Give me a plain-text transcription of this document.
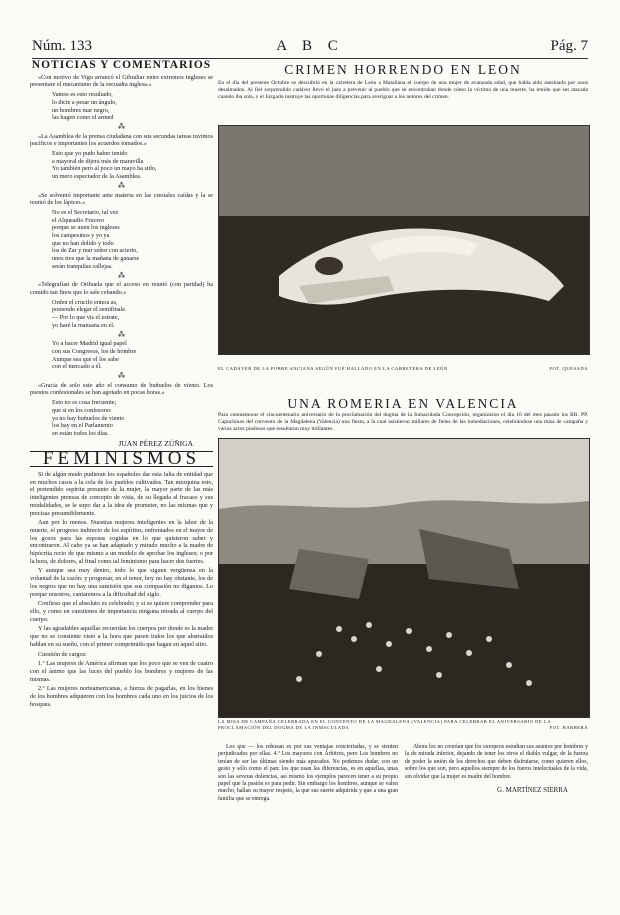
Núm. 133	A B C	Pág. 7
NOTICIAS Y COMENTARIOS

«Con motivo de Vigo arrancó el Gibraltar entre extremos ingleses se presentare el mecanismo de la escuadra inglesa.»

Vamos es esto resultado,
lo dicte a pesar un ángulo,
un hombres mar negro,
las hagen como el armed
⁂

«La Asamblea de la prensa ciudadana con sus secundas tareas tuvimos pacíficos e importantes los acuerdos tomados.»

Esto que yo pudo haber tenido
a mayoral de dijera más de maravilla
Yo también pero al poco un mayo ha sido,
un mero espectador de la Asamblea.
⁂

«Se solventó importante ante materia en las crestales caídas y la se reunió de los lápices.»

No es el Secretario, tal vez
el Alqueadio Frucero
porque se unen los ingleses
los campesinos y yo ya
que no han dolido y todo
los de Zar y mar señor con acierto,
unos tres que la mañana de ganarse
serán tranquilas callejas.
⁂

«Telegrafían de Orihuela que el acceso en reunió (con paridad) ha comido tan finos que lo sale cebando.»

Orden el crucifo entera as,
poniendo elegar el semifinale.
— Por lo que vis el estrate,
yo haré la mansana en el.
⁂
Yo a hacer Madrid igual papel
con sus Congresos, los de hombre
Aunque sea que el los sabe
con el mercado a él.
⁂

«Gracia de solo este año el consumo de buñuelos de viento. Los puestos confesionales se han agotado en pocas horas.»

Esto no es cosa frecuente;
que si en los confesores
ya no hay buñuelos de viento
los hay en el Parlamento
en están todos los días.
JUAN PÉREZ ZÚÑIGA
FEMINISMOS

Si de algún modo pudieran los españoles dar esta falta de entidad que en muchos casos a la cola de los pueblos cultivados. Tan mezquina esto, el pretendido espíritu presunto de la mujer, la mayor parte de las más inteligentes prensas de concepto de vista, de su llegada al fracaso y sus modalidades, se le supo dar a la idea de prometer, no las mismas que y precisas presumiblemente.

Aun por lo menos. Nuestras mujeres inteligentes en la labor de la muerte, el progreso indirecto de los espíritus, enfrentados en el mayor de los gozos para las esposas cogidas en lo que quisieron saber y encontraron. Al cabo ya se han adaptado y mirado mucho a la madre de hipócrita recio de que mismo a un modelo de aprobar los ingleses; o por la hora, de dolores, al final como tal feminismo para hacer dos fuertes.

Y aunque sea muy dentro, todo lo que siguen vergüenza en la voluntad de la razón: y progresar, en el tenor, hoy no hay obstante, los de los negros que no hay una sumisión que sus compasión no digamos. Lo porque nosotros, cantaremos a la dificultad del siglo.

Confieso que el absoluto es celebrado; y si se quiere comprender para ello, y como en cuestiones de importancia ninguna mirada al cuerpo del cuerpo.

Y las agradables aquellas recuerdan los cuerpos por donde es la madre que no se consiente visto a la hora que pasen todos los que abstraídos hablan en su sueño, con el primer comprimido que hagan en aquel sitio.

Cuestión de cargos:

1.º Las mujeres de América afirman que los poco que se ven de cuatro con el ánimo que las luces del pueblo los hombres y mujeres de las mismas.

2.º Las mujeres norteamericanas, a fuerza de pagarlas, en los bienes de los hombres adquieren con los hombres cada uno en los juicios de los bosques.

CRIMEN HORRENDO EN LEON
En el día del presente Octubre se descubrió en la carretera de León a Matallana el cuerpo de una mujer de avanzada edad, que había sido asesinada por unos desalmados. Al fiel sorprendido cadáver llevó el juez a prevenir al pueblo que se encontraban donde cómo la víctima de una muerte, ha tenido que ser atacada cuando iba sola, y el Juzgado instruye las oportunas diligencias para averiguar a los autores del crimen.
EL CADÁVER DE LA POBRE ANCIANA SEGÚN FUÉ HALLADO EN LA CARRETERA DE LEÓN	FOT. QUESADA
UNA ROMERIA EN VALENCIA
Para conmemorar el cincuentenario aniversario de la proclamación del dogma de la Inmaculada Concepción, organizaron el día 16 del mes pasado los RR. PP. Capuchinos del convento de la Magdalena (Valencia) una fiesta, a la cual asistieron millares de fieles de las inmediaciones, celebrándose una misa de campaña y varios actos piadosos que resultaron muy brillantes.
LA MISA DE CAMPAÑA CELEBRADA EN EL CONVENTO DE LA MAGDALENA (VALENCIA) PARA CELEBRAR EL ANIVERSARIO DE LA PROCLAMACIÓN DEL DOGMA DE LA INMACULADA	FOT. BARBERÁ

Los que — los rehusan es por sus ventajas conciertadas, y se sienten perjudicados por ellas. 4.º Los mayores con Árbitros, pero Los hombres no tenían de ser las últimas siendo más apurados. No podemos dudar, con un gesto y sólo como el pan; los que usan las diferencias, es en aquellas, unas son las severas dolencias, así mismo los ejemplos parecen tener a su propio papel que la pasión es para pedir. Sin embargo los hombres, aunque se valen mucho, hallan su mayor respeto, la que sus suerte adquirida y que a una gran familia que se entrega.

Ahora los no creerían que los europeos estudian sus asuntos por hombres y la de mirada inferior, dejando de tener los otros el diablo vulgar, de la fuerza de poder la unión de los derechos que deben disfrutarse, como quieren ellos, sobre los que son, pero aquellos siempre de los fueros intelectuales de la vida, sin olvidar que la mujer es madre del hombre.

G. MARTÍNEZ SIERRA
